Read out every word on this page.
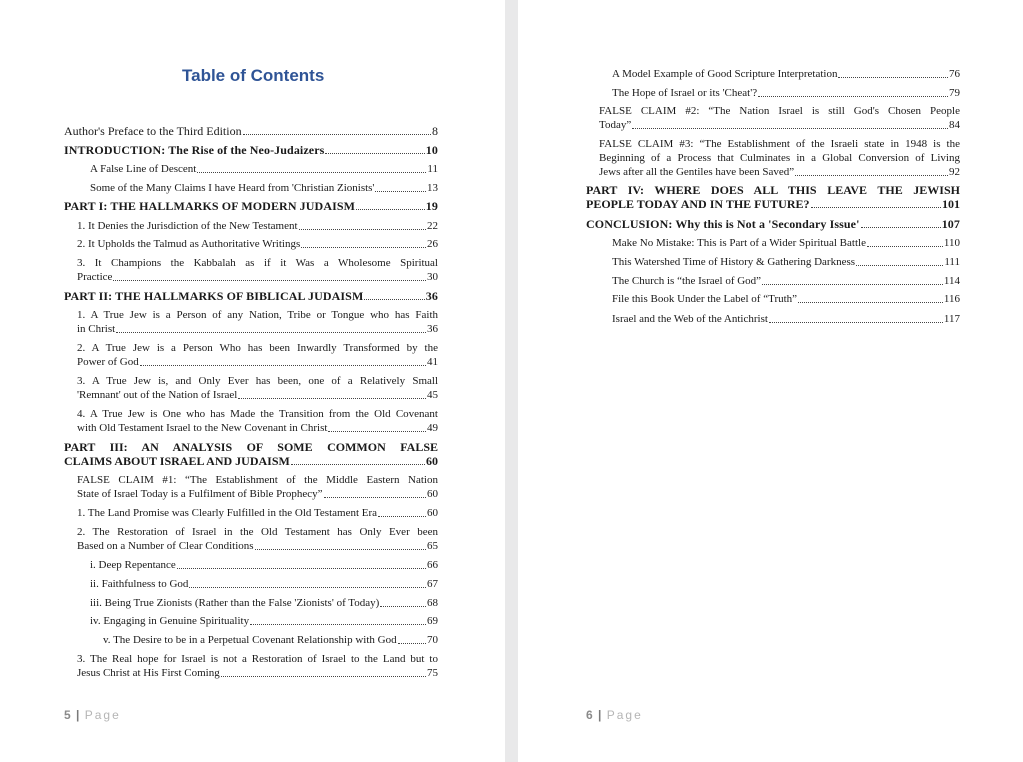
Table of Contents
Author's Preface to the Third Edition	8
INTRODUCTION: The Rise of the Neo-Judaizers	10
A False Line of Descent	11
Some of the Many Claims I have Heard from 'Christian Zionists'	13
PART I: THE HALLMARKS OF MODERN JUDAISM	19
1. It Denies the Jurisdiction of the New Testament	22
2. It Upholds the Talmud as Authoritative Writings	26
3. It Champions the Kabbalah as if it Was a Wholesome Spiritual
Practice	30
PART II: THE HALLMARKS OF BIBLICAL JUDAISM	36
1. A True Jew is a Person of any Nation, Tribe or Tongue who has Faith
in Christ	36
2. A True Jew is a Person Who has been Inwardly Transformed by the
Power of God	41
3. A True Jew is, and Only Ever has been, one of a Relatively Small
'Remnant' out of the Nation of Israel	45
4. A True Jew is One who has Made the Transition from the Old Covenant
with Old Testament Israel to the New Covenant in Christ	49
PART III: AN ANALYSIS OF SOME COMMON FALSE
CLAIMS ABOUT ISRAEL AND JUDAISM	60
FALSE CLAIM #1: “The Establishment of the Middle Eastern Nation
State of Israel Today is a Fulfilment of Bible Prophecy”	60
1. The Land Promise was Clearly Fulfilled in the Old Testament Era	60
2. The Restoration of Israel in the Old Testament has Only Ever been
Based on a Number of Clear Conditions	65
i. Deep Repentance	66
ii. Faithfulness to God	67
iii. Being True Zionists (Rather than the False 'Zionists' of Today)	68
iv. Engaging in Genuine Spirituality	69
v. The Desire to be in a Perpetual Covenant Relationship with God	70
3. The Real hope for Israel is not a Restoration of Israel to the Land but to
Jesus Christ at His First Coming	75
5 | Page
A Model Example of Good Scripture Interpretation	76
The Hope of Israel or its 'Cheat'?	79
FALSE CLAIM #2: “The Nation Israel is still God's Chosen People
Today”	84
FALSE CLAIM #3: “The Establishment of the Israeli state in 1948 is the
Beginning of a Process that Culminates in a Global Conversion of Living
Jews after all the Gentiles have been Saved”	92
PART IV: WHERE DOES ALL THIS LEAVE THE JEWISH
PEOPLE TODAY AND IN THE FUTURE?	101
CONCLUSION: Why this is Not a 'Secondary Issue'	107
Make No Mistake: This is Part of a Wider Spiritual Battle	110
This Watershed Time of History & Gathering Darkness	111
The Church is “the Israel of God”	114
File this Book Under the Label of “Truth”	116
Israel and the Web of the Antichrist	117
6 | Page
